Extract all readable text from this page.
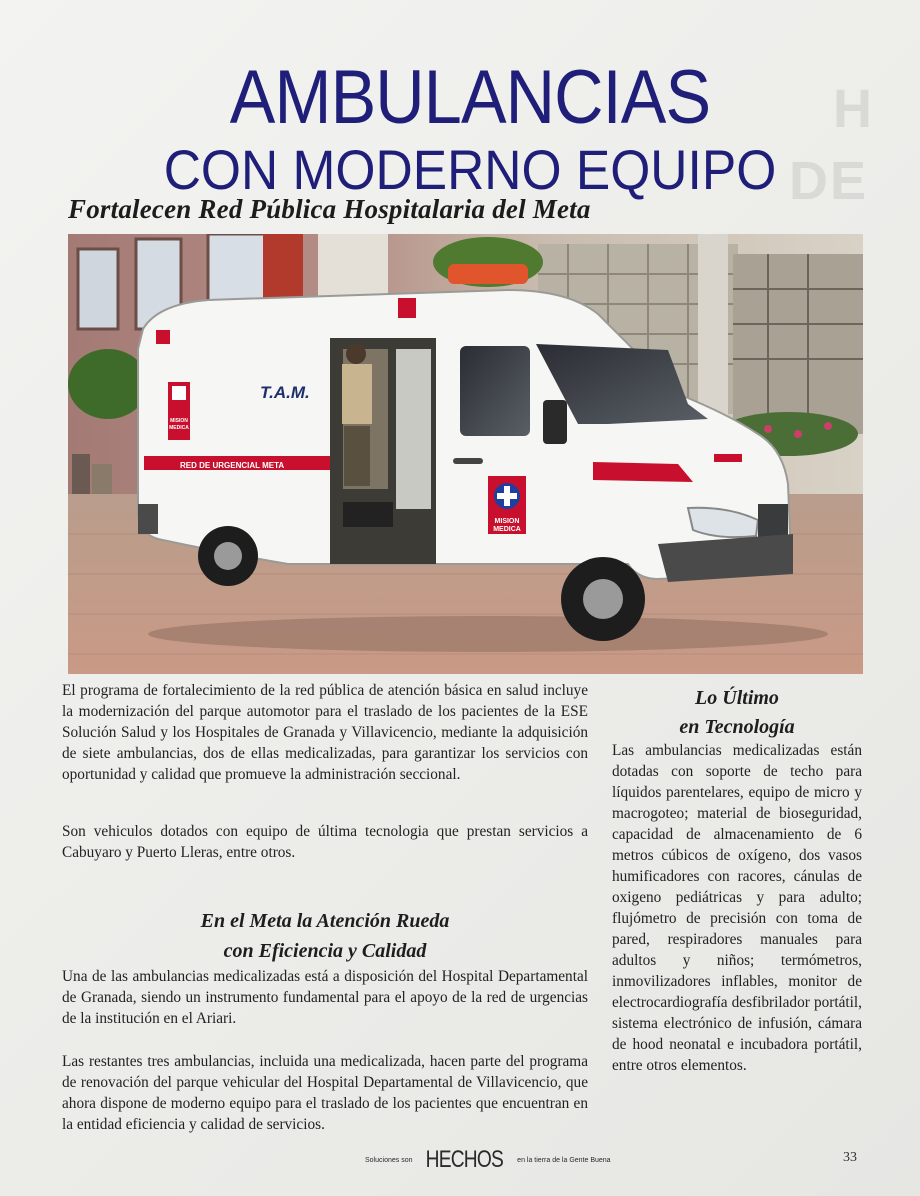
H
DE
AMBULANCIAS
CON MODERNO EQUIPO
Fortalecen Red Pública Hospitalaria del Meta
T.A.M.
RED DE URGENCIAL META
MISION
MEDICA
MISION
MEDICA

El programa de fortalecimiento de la red pública de atención básica en salud incluye la modernización del parque automotor para el traslado de los pacientes de la ESE Solución Salud y los Hospitales de Granada y Villavicencio, mediante la adquisición de siete ambulancias, dos de ellas medicalizadas, para garantizar los servicios con oportunidad y calidad que promueve la administración seccional.

Son vehiculos dotados con equipo de última tecnologia que prestan servicios a Cabuyaro y Puerto Lleras, entre otros.

En el Meta la Atención Rueda
con Eficiencia y Calidad

Una de las ambulancias medicalizadas está a disposición del Hospital Departamental de Granada, siendo un instrumento fundamental para el apoyo de la red de urgencias de la institución en el Ariari.

Las restantes tres ambulancias, incluida una medicalizada, hacen parte del programa de renovación del parque vehicular del Hospital Departamental de Villavicencio, que ahora dispone de moderno equipo para el traslado de los pacientes que encuentran en la entidad eficiencia y calidad de servicios.

Lo Último
en Tecnología

Las ambulancias medicalizadas están dotadas con soporte de techo para líquidos parentelares, equipo de micro y macrogoteo; material de bioseguridad, capacidad de almacenamiento de 6 metros cúbicos de oxígeno, dos vasos humificadores con racores, cánulas de oxigeno pediátricas y para adulto; flujómetro de precisión con toma de pared, respiradores manuales para adultos y niños; termómetros, inmovilizadores inflables, monitor de electrocardiografía desfibrilador portátil, sistema electrónico de infusión, cámara de hood neonatal e incubadora portátil, entre otros elementos.

Soluciones son HECHOS en la tierra de la Gente Buena	33
